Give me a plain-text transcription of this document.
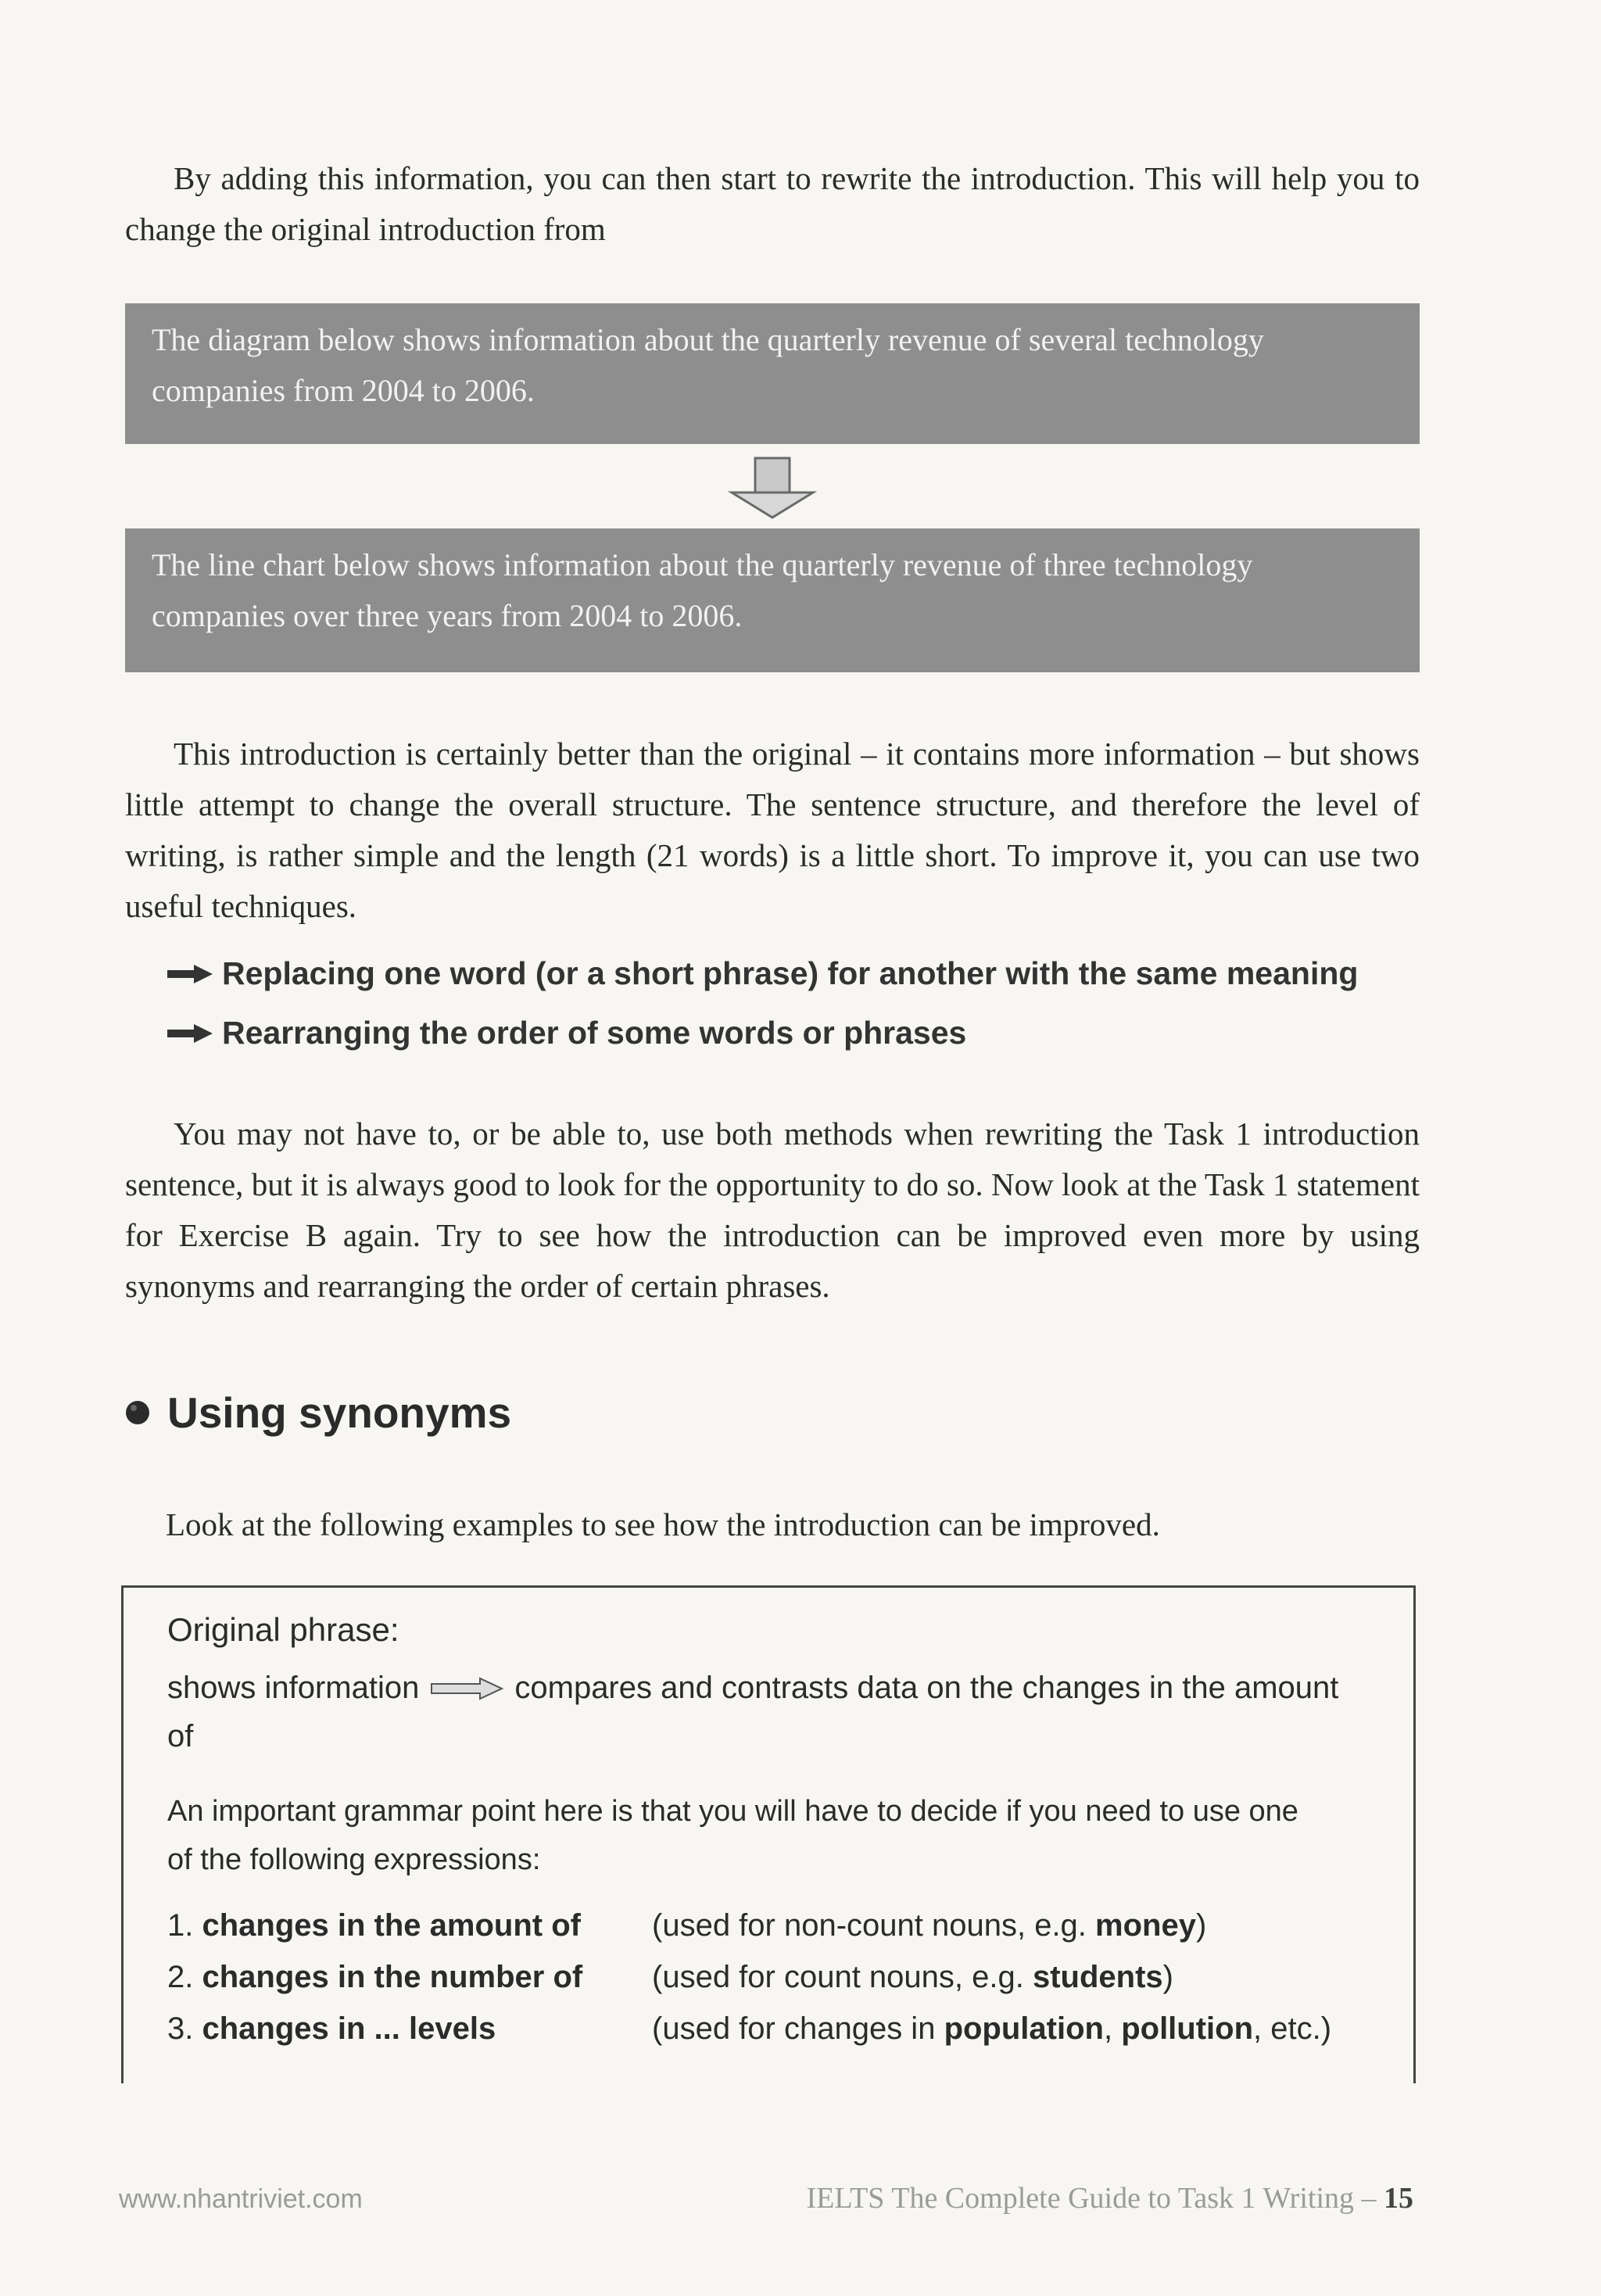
By adding this information, you can then start to rewrite the introduction. This will help you to change the original introduction from

The diagram below shows information about the quarterly revenue of several technology companies from 2004 to 2006.
The line chart below shows information about the quarterly revenue of three technology companies over three years from 2004 to 2006.

This introduction is certainly better than the original – it contains more information – but shows little attempt to change the overall structure. The sentence structure, and therefore the level of writing, is rather simple and the length (21 words) is a little short. To improve it, you can use two useful techniques.

Replacing one word (or a short phrase) for another with the same meaning
Rearranging the order of some words or phrases

You may not have to, or be able to, use both methods when rewriting the Task 1 introduction sentence, but it is always good to look for the opportunity to do so. Now look at the Task 1 statement for Exercise B again. Try to see how the introduction can be improved even more by using synonyms and rearranging the order of certain phrases.

Using synonyms

Look at the following examples to see how the introduction can be improved.

Original phrase:
shows information	compares and contrasts data on the changes in the amount
of
An important grammar point here is that you will have to decide if you need to use one
of the following expressions:
1. changes in the amount of	(used for non-count nouns, e.g. money)
2. changes in the number of	(used for count nouns, e.g. students)
3. changes in ... levels	(used for changes in population, pollution, etc.)
www.nhantriviet.com	IELTS The Complete Guide to Task 1 Writing – 15
